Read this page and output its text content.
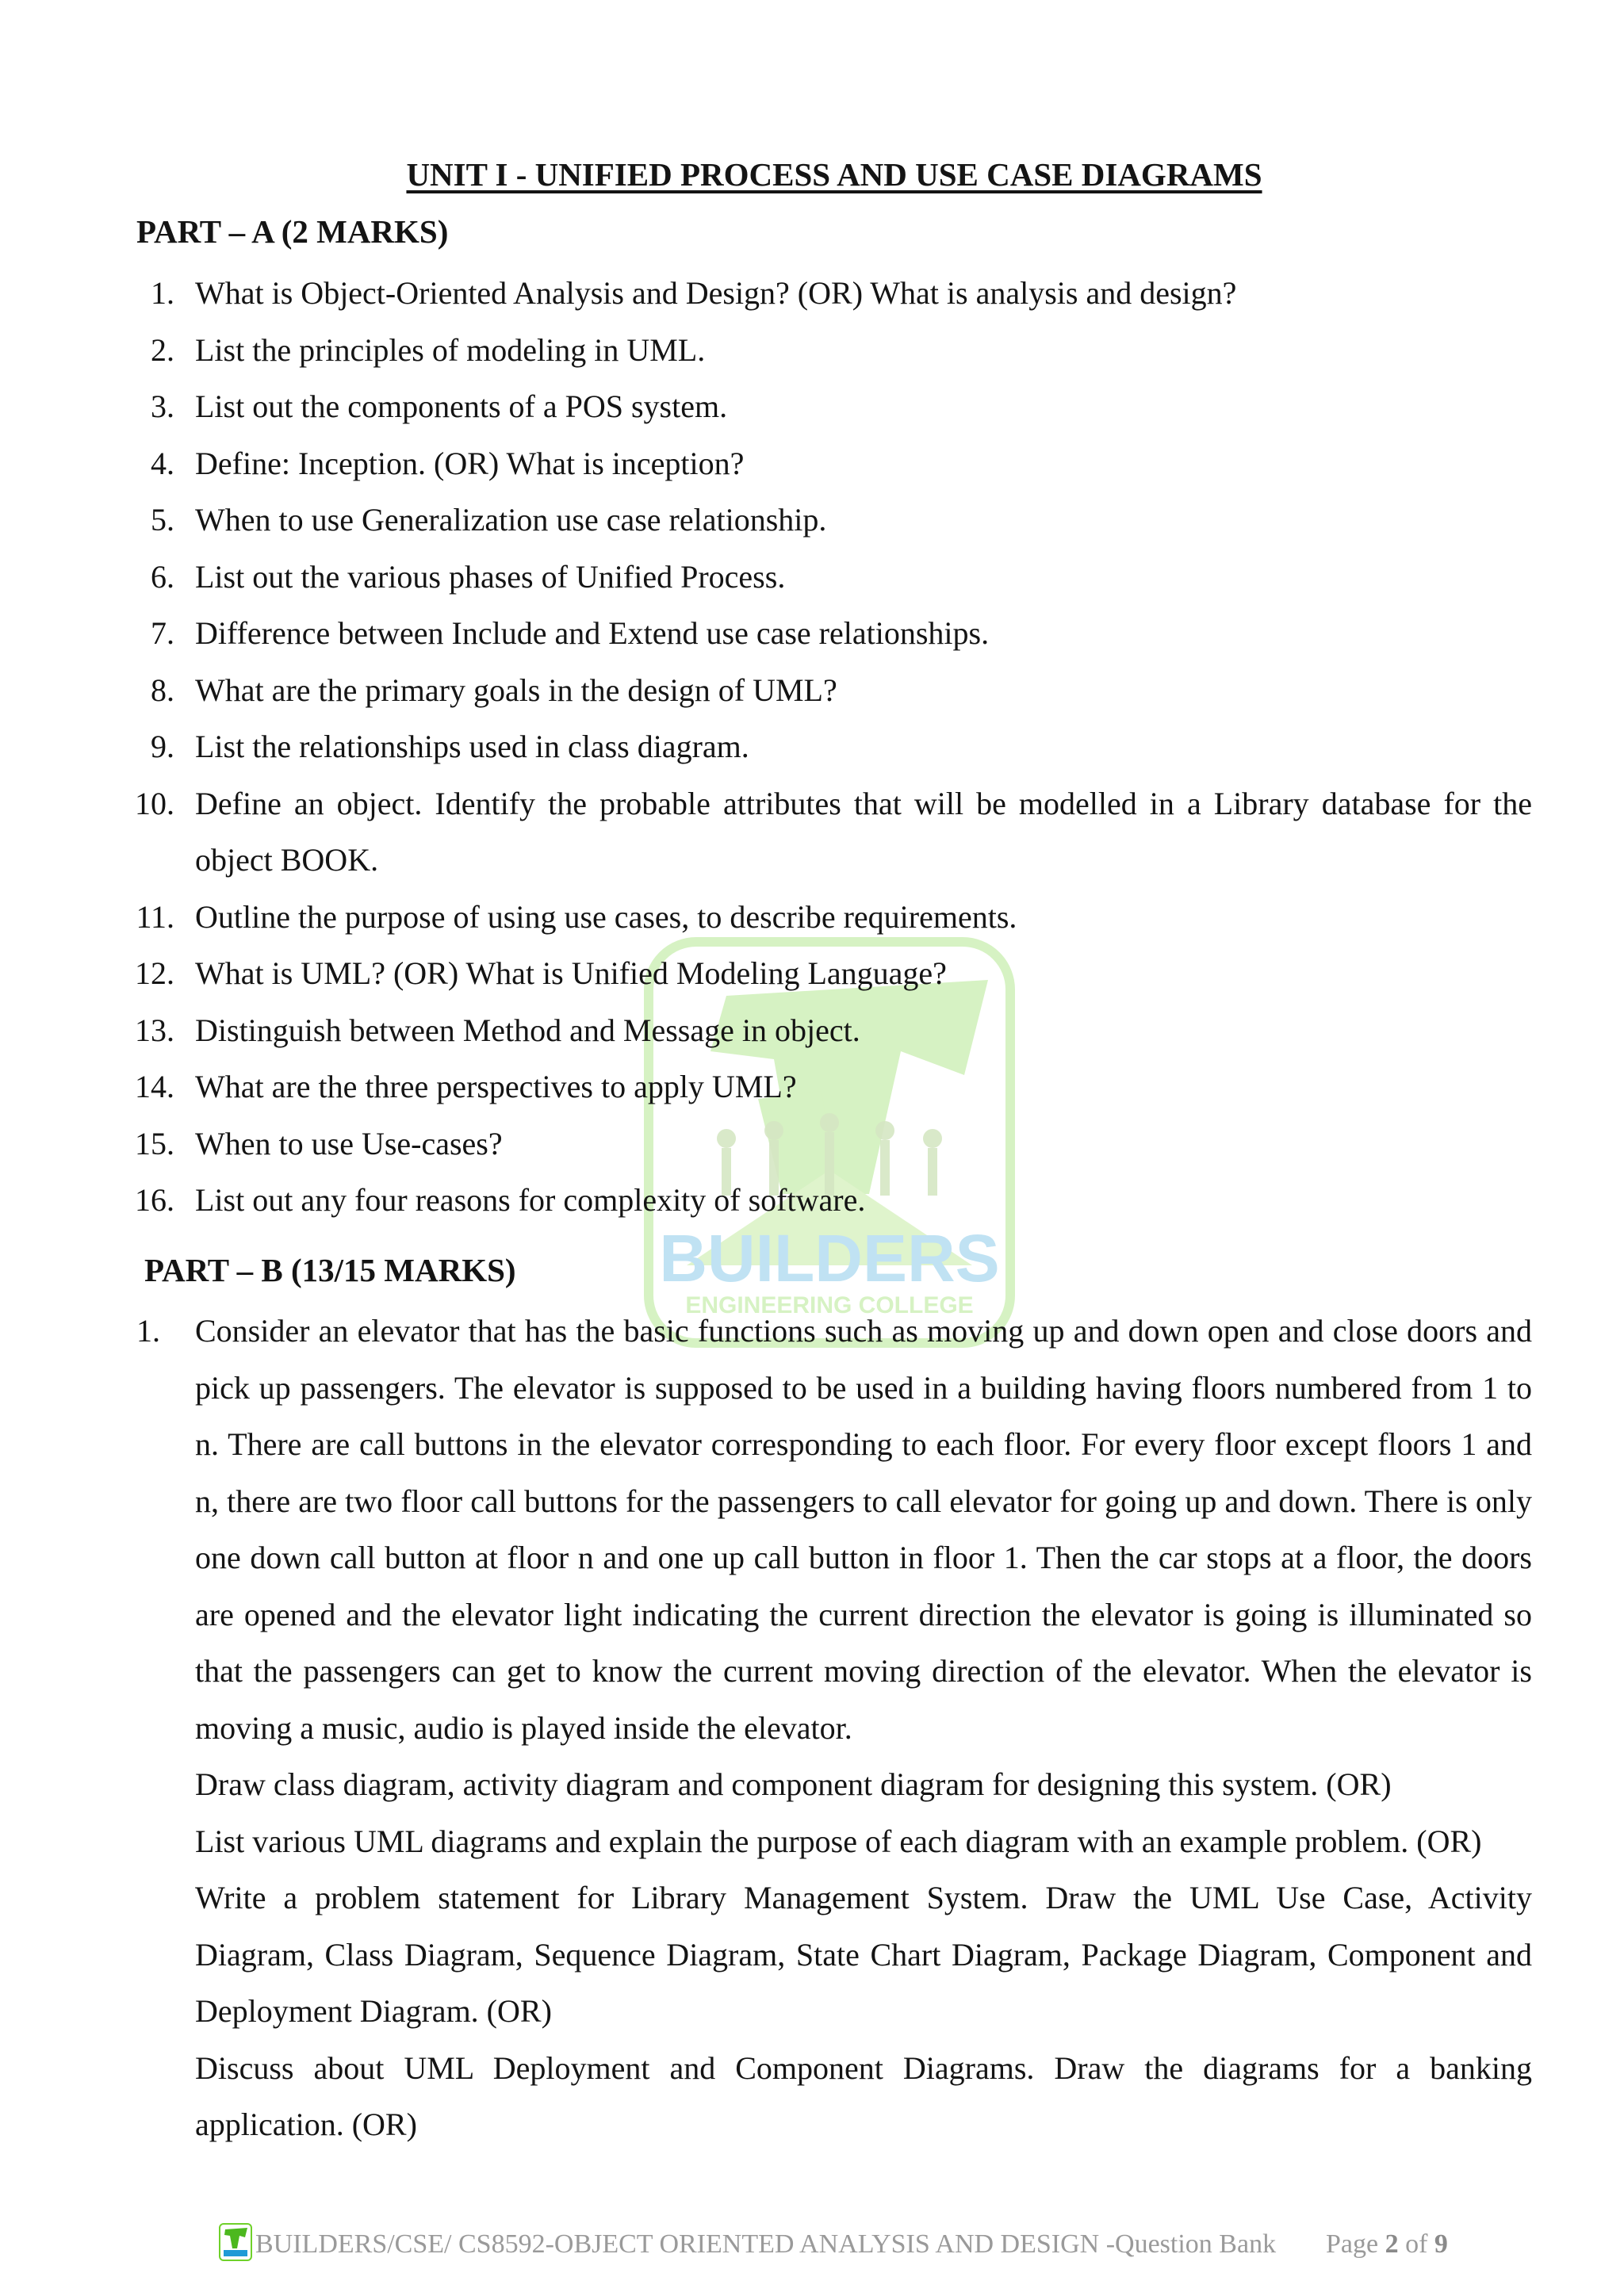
BUILDERS
ENGINEERING COLLEGE
UNIT I - UNIFIED PROCESS AND USE CASE DIAGRAMS
PART – A (2 MARKS)
1. What is Object-Oriented Analysis and Design? (OR) What is analysis and design?
2. List the principles of modeling in UML.
3. List out the components of a POS system.
4. Define: Inception. (OR) What is inception?
5. When to use Generalization use case relationship.
6. List out the various phases of Unified Process.
7. Difference between Include and Extend use case relationships.
8. What are the primary goals in the design of UML?
9. List the relationships used in class diagram.
10. Define an object. Identify the probable attributes that will be modelled in a Library database for the object BOOK.
11. Outline the purpose of using use cases, to describe requirements.
12. What is UML? (OR) What is Unified Modeling Language?
13. Distinguish between Method and Message in object.
14. What are the three perspectives to apply UML?
15. When to use Use-cases?
16. List out any four reasons for complexity of software.
PART – B (13/15 MARKS)
1. Consider an elevator that has the basic functions such as moving up and down open and close doors and pick up passengers. The elevator is supposed to be used in a building having floors numbered from 1 to n. There are call buttons in the elevator corresponding to each floor. For every floor except floors 1 and n, there are two floor call buttons for the passengers to call elevator for going up and down. There is only one down call button at floor n and one up call button in floor 1. Then the car stops at a floor, the doors are opened and the elevator light indicating the current direction the elevator is going is illuminated so that the passengers can get to know the current moving direction of the elevator. When the elevator is moving a music, audio is played inside the elevator.

Draw class diagram, activity diagram and component diagram for designing this system. (OR)

List various UML diagrams and explain the purpose of each diagram with an example problem. (OR)

Write a problem statement for Library Management System. Draw the UML Use Case, Activity Diagram, Class Diagram, Sequence Diagram, State Chart Diagram, Package Diagram, Component and Deployment Diagram. (OR)

Discuss about UML Deployment and Component Diagrams. Draw the diagrams for a banking application. (OR)

BUILDERS/CSE/ CS8592-OBJECT ORIENTED ANALYSIS AND DESIGN -Question Bank Page 2 of 9
